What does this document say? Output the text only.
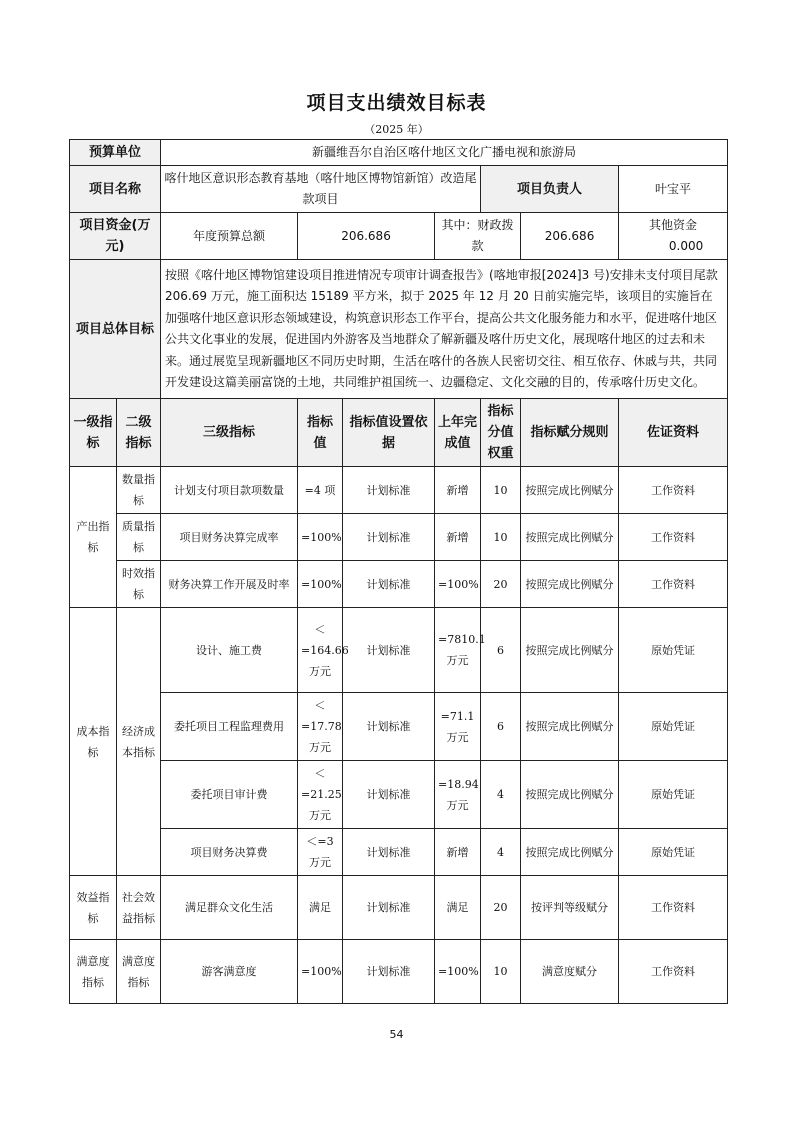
项目支出绩效目标表
（2025 年）
预算单位		新疆维吾尔自治区喀什地区文化广播电视和旅游局						
项目名称		喀什地区意识形态教育基地（喀什地区博物馆新馆）改造尾款项目				项目负责人		叶宝平
项目资金(万元)		年度预算总额	206.686		其中：财政拨款		206.686	其他资金 0.000
项目总体目标		按照《喀什地区博物馆建设项目推进情况专项审计调查报告》(喀地审报[2024]3 号)安排未支付项目尾款 206.69 万元，施工面积达 15189 平方米，拟于 2025 年 12 月 20 日前实施完毕，该项目的实施旨在加强喀什地区意识形态领域建设，构筑意识形态工作平台，提高公共文化服务能力和水平，促进喀什地区公共文化事业的发展，促进国内外游客及当地群众了解新疆及喀什历史文化，展现喀什地区的过去和未来。通过展览呈现新疆地区不同历史时期，生活在喀什的各族人民密切交往、相互依存、休戚与共，共同开发建设这篇美丽富饶的土地，共同维护祖国统一、边疆稳定、文化交融的目的，传承喀什历史文化。						
一级指标	二级指标	三级指标	指标值	指标值设置依据	上年完成值	指标分值权重	指标赋分规则	佐证资料
产出指标	数量指标	计划支付项目款项数量	=4 项	计划标准	新增	10	按照完成比例赋分	工作资料
	质量指标	项目财务决算完成率	=100%	计划标准	新增	10	按照完成比例赋分	工作资料
	时效指标	财务决算工作开展及时率	=100%	计划标准	=100%	20	按照完成比例赋分	工作资料
成本指标	经济成本指标	设计、施工费	＜=164.66 万元	计划标准	=7810.1 万元	6	按照完成比例赋分	原始凭证
		委托项目工程监理费用	＜=17.78 万元	计划标准	=71.1 万元	6	按照完成比例赋分	原始凭证
		委托项目审计费	＜=21.25 万元	计划标准	=18.94 万元	4	按照完成比例赋分	原始凭证
		项目财务决算费	＜=3 万元	计划标准	新增	4	按照完成比例赋分	原始凭证
效益指标	社会效益指标	满足群众文化生活	满足	计划标准	满足	20	按评判等级赋分	工作资料
满意度指标	满意度指标	游客满意度	=100%	计划标准	=100%	10	满意度赋分	工作资料
54
